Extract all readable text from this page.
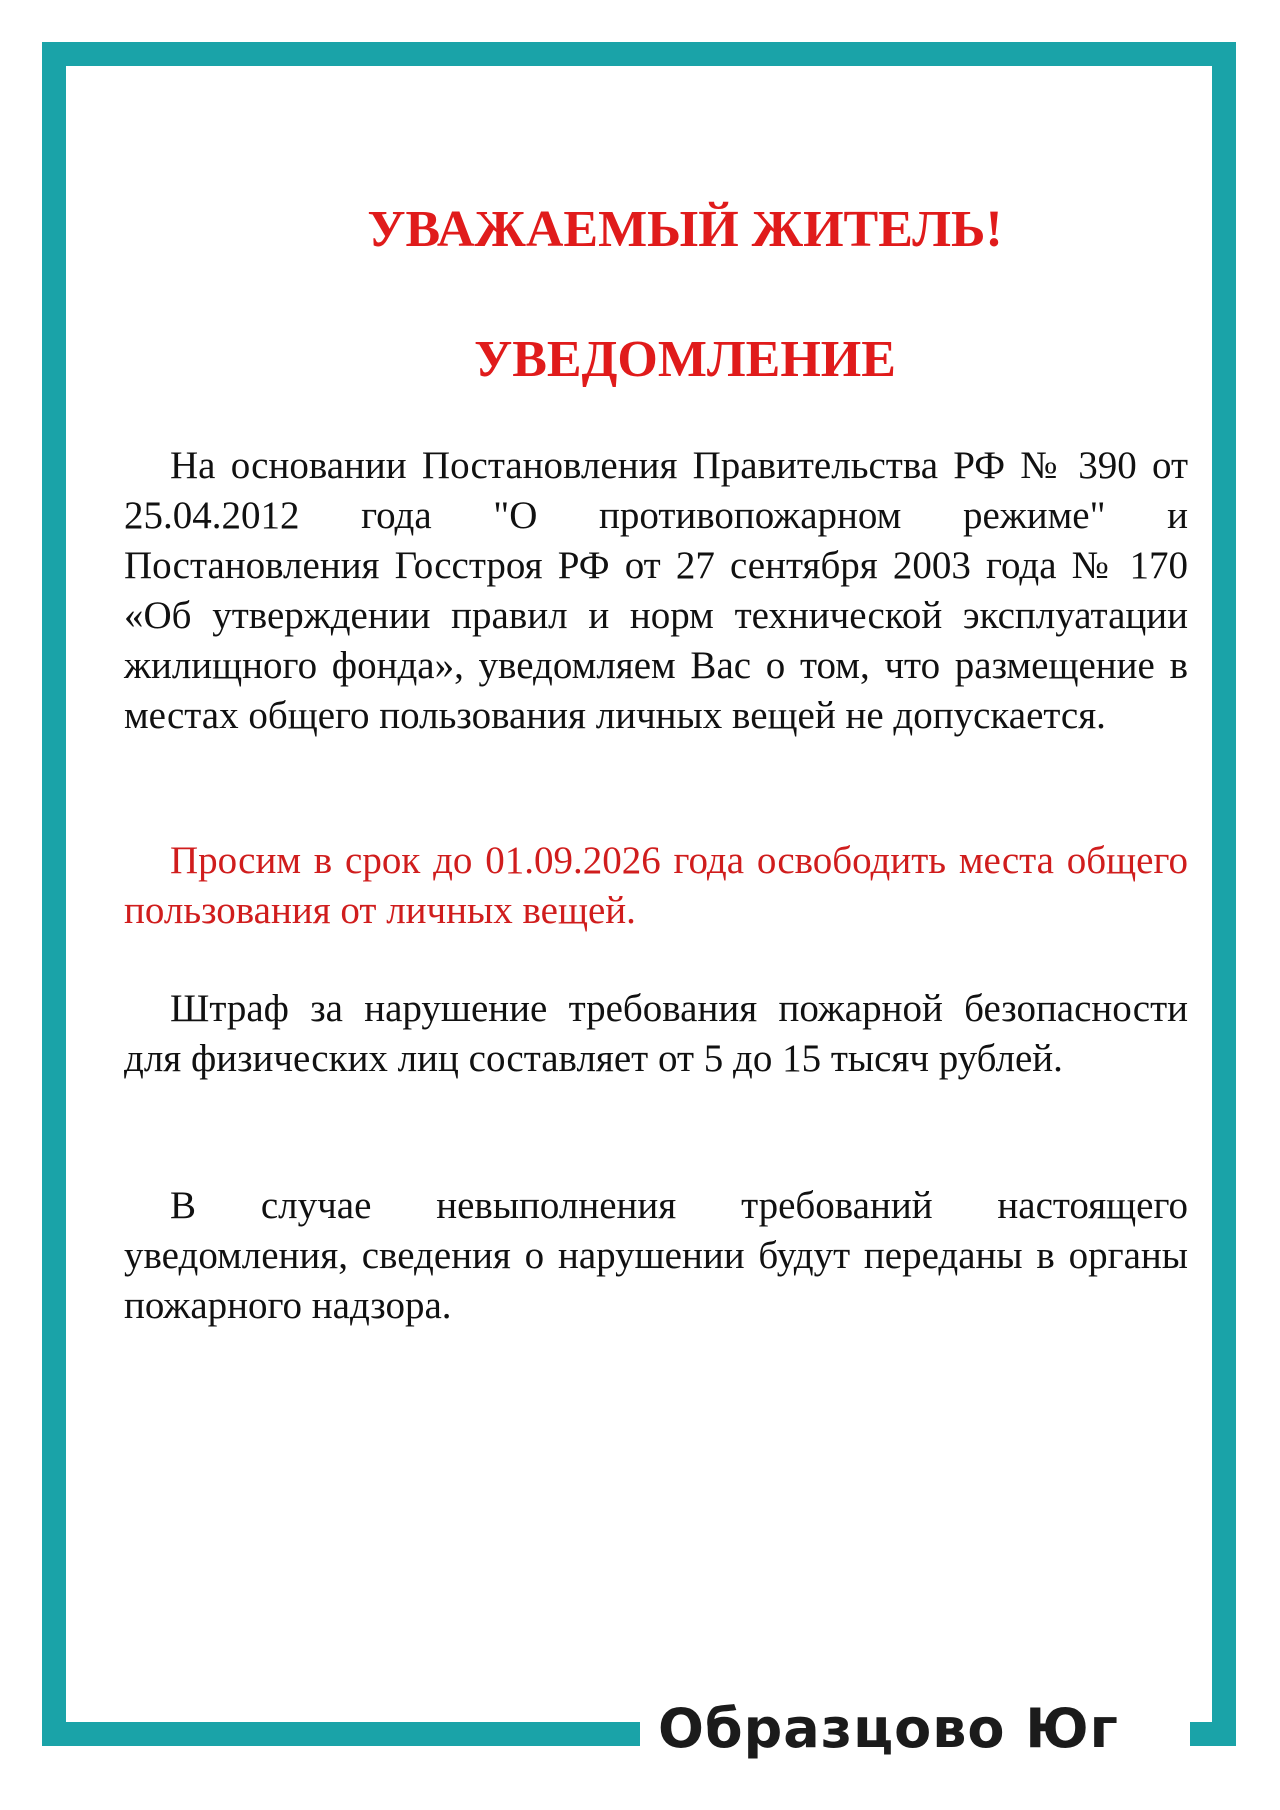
УВАЖАЕМЫЙ ЖИТЕЛЬ!
УВЕДОМЛЕНИЕ

На основании Постановления Правительства РФ № 390 от 25.04.2012 года "О противопожарном режиме" и Постановления Госстроя РФ от 27 сентября 2003 года № 170 «Об утверждении правил и норм технической эксплуатации жилищного фонда», уведомляем Вас о том, что размещение в местах общего пользования личных вещей не допускается.

Просим в срок до 01.09.2026 года освободить места общего пользования от личных вещей.

Штраф за нарушение требования пожарной безопасности для физических лиц составляет от 5 до 15 тысяч рублей.

В случае невыполнения требований настоящего уведомления, сведения о нарушении будут переданы в органы пожарного надзора.

Образцово Юг
